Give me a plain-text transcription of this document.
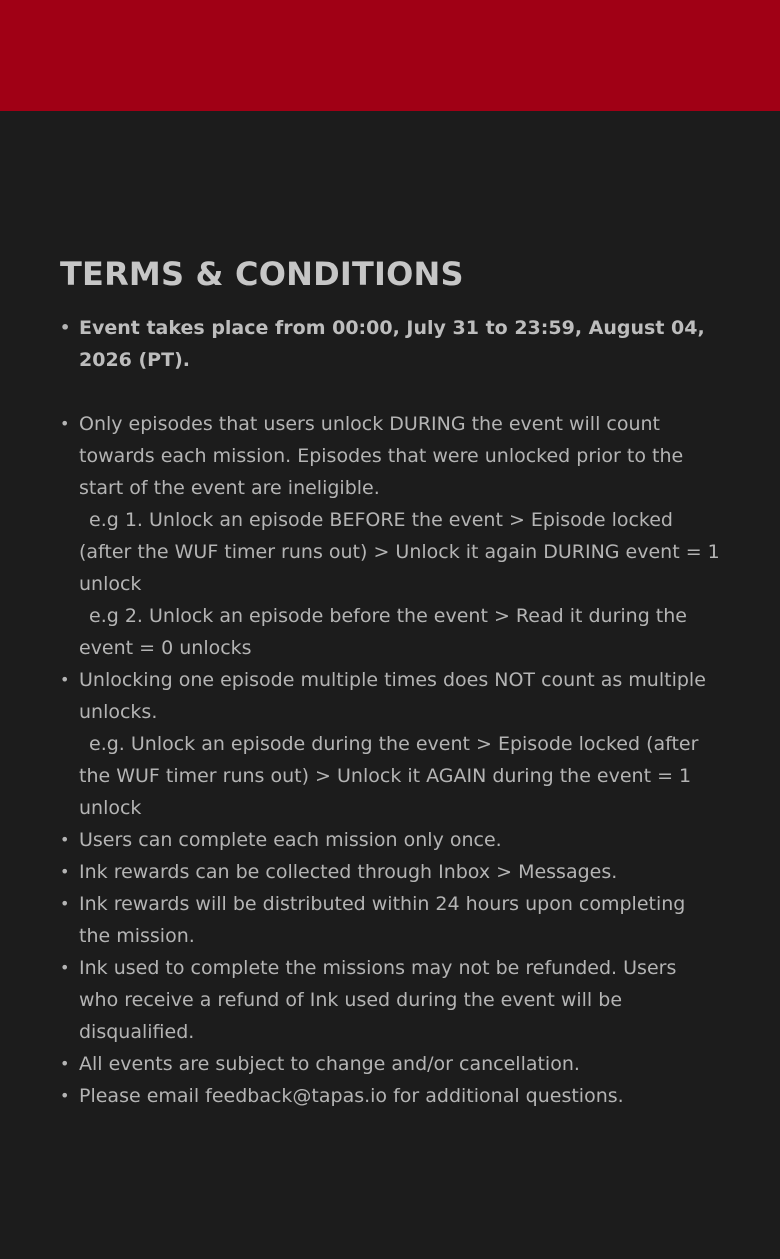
TERMS & CONDITIONS
• Event takes place from 00:00, July 31 to 23:59, August 04, 2026 (PT).
• Only episodes that users unlock DURING the event will count towards each mission. Episodes that were unlocked prior to the start of the event are ineligible.
e.g 1. Unlock an episode BEFORE the event > Episode locked (after the WUF timer runs out) > Unlock it again DURING event = 1 unlock
e.g 2. Unlock an episode before the event > Read it during the event = 0 unlocks
• Unlocking one episode multiple times does NOT count as multiple unlocks.
e.g. Unlock an episode during the event > Episode locked (after the WUF timer runs out) > Unlock it AGAIN during the event = 1 unlock
• Users can complete each mission only once.
• Ink rewards can be collected through Inbox > Messages.
• Ink rewards will be distributed within 24 hours upon completing the mission.
• Ink used to complete the missions may not be refunded. Users who receive a refund of Ink used during the event will be disqualified.
• All events are subject to change and/or cancellation.
• Please email feedback@tapas.io for additional questions.
